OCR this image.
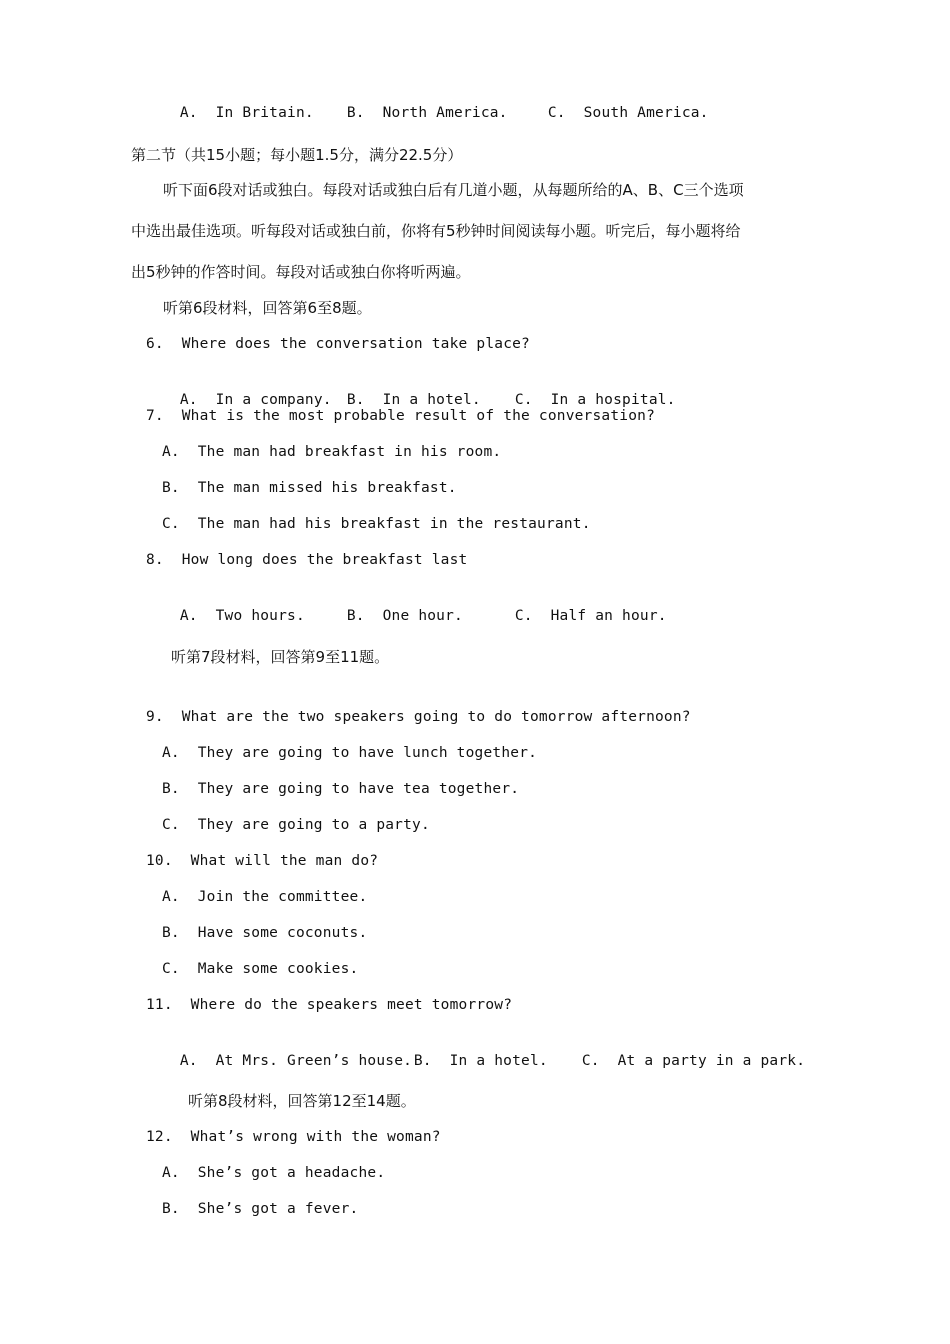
A.  In Britain. B.  North America.	C.  South America.

第二节（共15小题；每小题1.5分，满分22.5分）
听下面6段对话或独白。每段对话或独白后有几道小题，从每题所给的A、B、C三个选项
中选出最佳选项。听每段对话或独白前，你将有5秒钟时间阅读每小题。听完后，每小题将给
出5秒钟的作答时间。每段对话或独白你将听两遍。
听第6段材料，回答第6至8题。
6.  Where does the conversation take place?

A.  In a company. B.  In a hotel. C.  In a hospital.

7.  What is the most probable result of the conversation?
A.  The man had breakfast in his room.
B.  The man missed his breakfast.
C.  The man had his breakfast in the restaurant.
8.  How long does the breakfast last

A.  Two hours.	B.  One hour.	C.  Half an hour.

听第7段材料，回答第9至11题。
9.  What are the two speakers going to do tomorrow afternoon?
A.  They are going to have lunch together.
B.  They are going to have tea together.
C.  They are going to a party.
10.  What will the man do?
A.  Join the committee.
B.  Have some coconuts.
C.  Make some cookies.
11.  Where do the speakers meet tomorrow?

A.  At Mrs. Green’s house. B.  In a hotel. C.  At a party in a park.

听第8段材料，回答第12至14题。
12.  What’s wrong with the woman?
A.  She’s got a headache.
B.  She’s got a fever.
